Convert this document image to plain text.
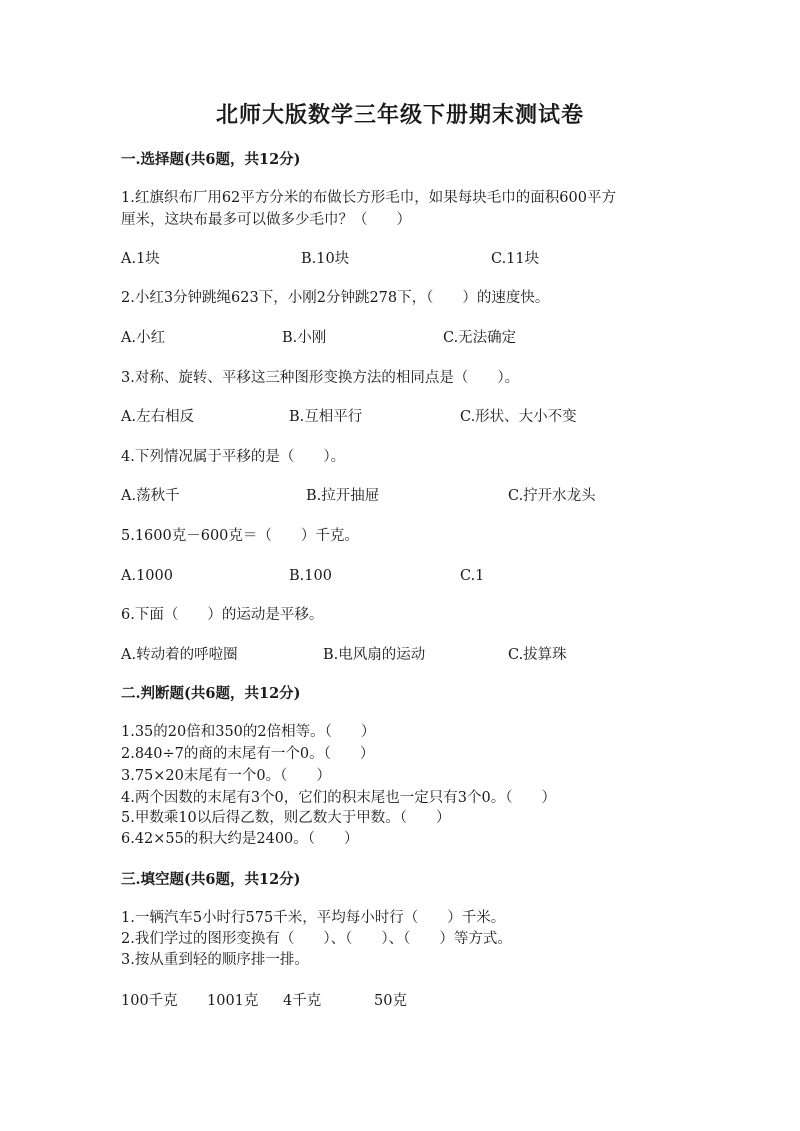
北师大版数学三年级下册期末测试卷
一.选择题(共6题，共12分)
1.红旗织布厂用62平方分米的布做长方形毛巾，如果每块毛巾的面积600平方
厘米，这块布最多可以做多少毛巾？（　　）
A.1块	B.10块	C.11块
2.小红3分钟跳绳623下，小刚2分钟跳278下，（　　）的速度快。
A.小红	B.小刚	C.无法确定
3.对称、旋转、平移这三种图形变换方法的相同点是（　　）。
A.左右相反	B.互相平行	C.形状、大小不变
4.下列情况属于平移的是（　　）。
A.荡秋千	B.拉开抽屉	C.拧开水龙头
5.1600克－600克＝（　　）千克。
A.1000	B.100	C.1
6.下面（　　）的运动是平移。
A.转动着的呼啦圈	B.电风扇的运动	C.拔算珠
二.判断题(共6题，共12分)
1.35的20倍和350的2倍相等。（　　）
2.840÷7的商的末尾有一个0。（　　）
3.75×20末尾有一个0。（　　）
4.两个因数的末尾有3个0，它们的积末尾也一定只有3个0。（　　）
5.甲数乘10以后得乙数，则乙数大于甲数。（　　）
6.42×55的积大约是2400。（　　）
三.填空题(共6题，共12分)
1.一辆汽车5小时行575千米，平均每小时行（　　）千米。
2.我们学过的图形变换有（　　）、（　　）、（　　）等方式。
3.按从重到轻的顺序排一排。
100千克 1001克 4千克	50克
